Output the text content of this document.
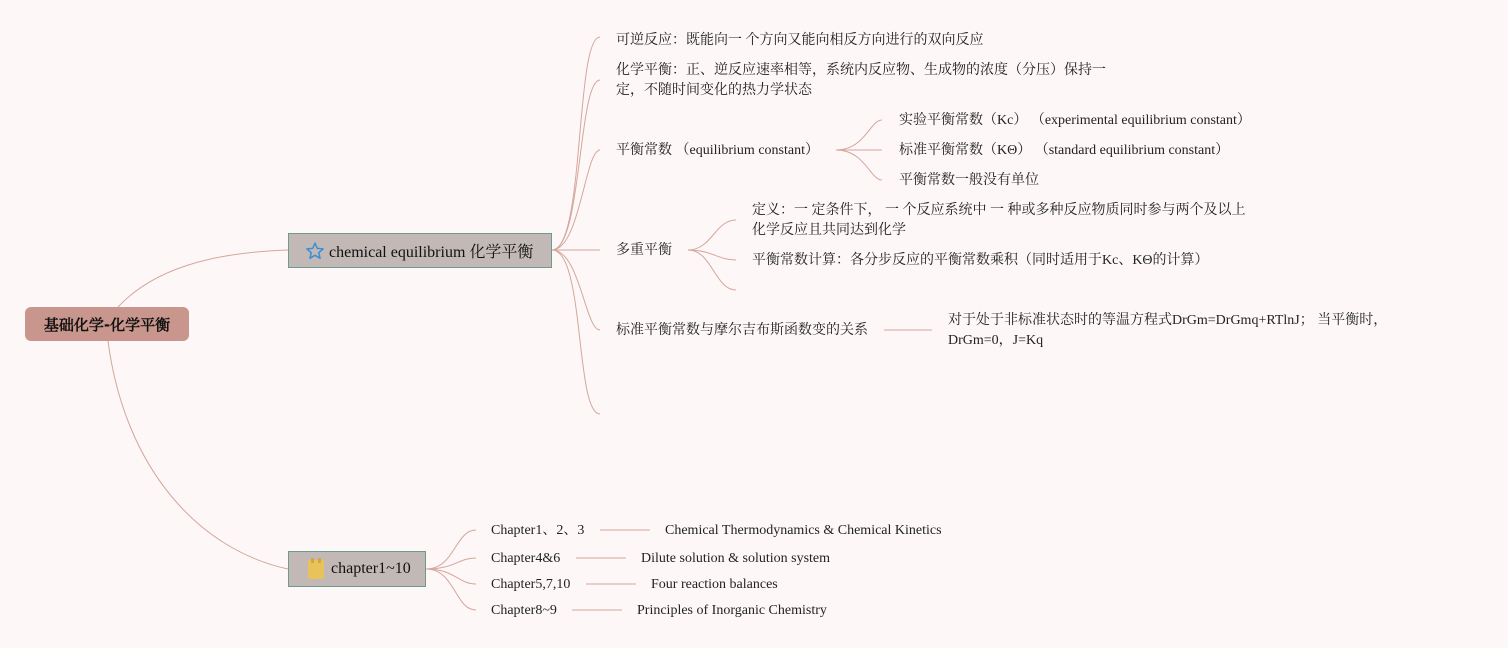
基础化学-化学平衡
chemical equilibrium 化学平衡
可逆反应：既能向一 个方向又能向相反方向进行的双向反应
化学平衡：正、逆反应速率相等，系统内反应物、生成物的浓度（分压）保持一定，不随时间变化的热力学状态
平衡常数 （equilibrium constant）
实验平衡常数（Kc） （experimental equilibrium constant）
标准平衡常数（KΘ） （standard equilibrium constant）
平衡常数一般没有单位
多重平衡
定义：一 定条件下， 一 个反应系统中 一 种或多种反应物质同时参与两个及以上化学反应且共同达到化学
平衡常数计算：各分步反应的平衡常数乘积（同时适用于Kc、KΘ的计算）
标准平衡常数与摩尔吉布斯函数变的关系
对于处于非标准状态时的等温方程式DrGm=DrGmq+RTlnJ； 当平衡时，DrGm=0，J=Kq
chapter1~10
Chapter1、2、3	Chemical Thermodynamics & Chemical Kinetics
Chapter4&6	Dilute solution & solution system
Chapter5,7,10	Four reaction balances
Chapter8~9	Principles of Inorganic Chemistry
